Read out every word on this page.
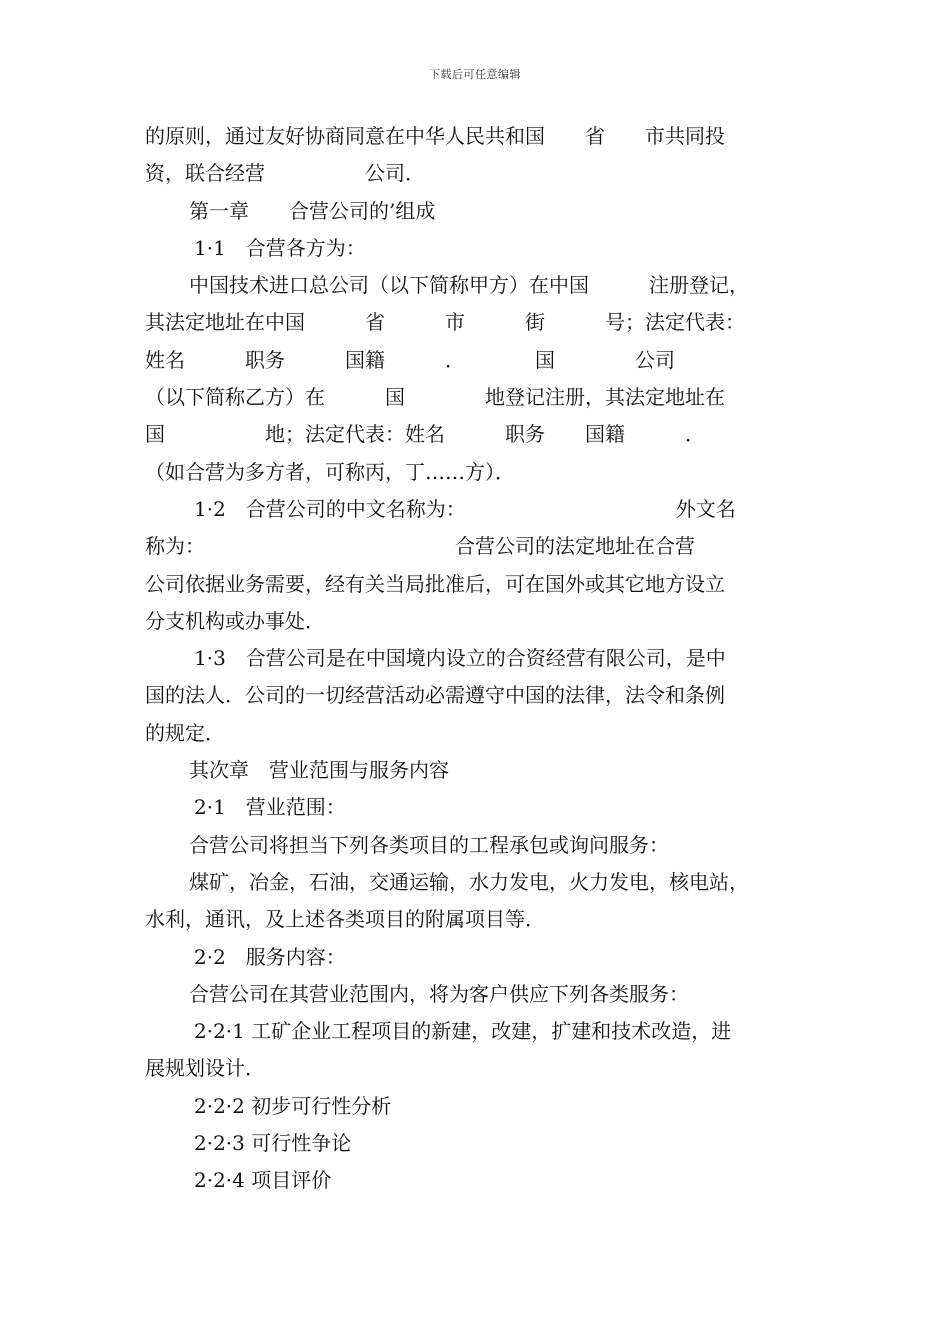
下载后可任意编辑
的原则，通过友好协商同意在中华人民共和国　　省　　市共同投
资，联合经营　　　　　公司．
第一章　　合营公司的’组成
1·1　合营各方为：
中国技术进口总公司（以下简称甲方）在中国　　　注册登记，
其法定地址在中国　　　省　　　市　　　街　　　号；法定代表：
姓名　　　职务　　　国籍　　　．　　　　国　　　　公司
（以下简称乙方）在　　　国　　　　地登记注册，其法定地址在
国　　　　　地；法定代表：姓名　　　职务　　国籍　　　．
（如合营为多方者，可称丙，丁……方）．
1·2　合营公司的中文名称为：　　　　　　　　　　　外文名
称为：　　　　　　　　　　　　　合营公司的法定地址在合营
公司依据业务需要，经有关当局批准后，可在国外或其它地方设立
分支机构或办事处．
1·3　合营公司是在中国境内设立的合资经营有限公司，是中
国的法人．公司的一切经营活动必需遵守中国的法律，法令和条例
的规定．
其次章　营业范围与服务内容
2·1　营业范围：
合营公司将担当下列各类项目的工程承包或询问服务：
煤矿，冶金，石油，交通运输，水力发电，火力发电，核电站，
水利，通讯，及上述各类项目的附属项目等．
2·2　服务内容：
合营公司在其营业范围内，将为客户供应下列各类服务：
2·2·1 工矿企业工程项目的新建，改建，扩建和技术改造，进
展规划设计．
2·2·2 初步可行性分析
2·2·3 可行性争论
2·2·4 项目评价
